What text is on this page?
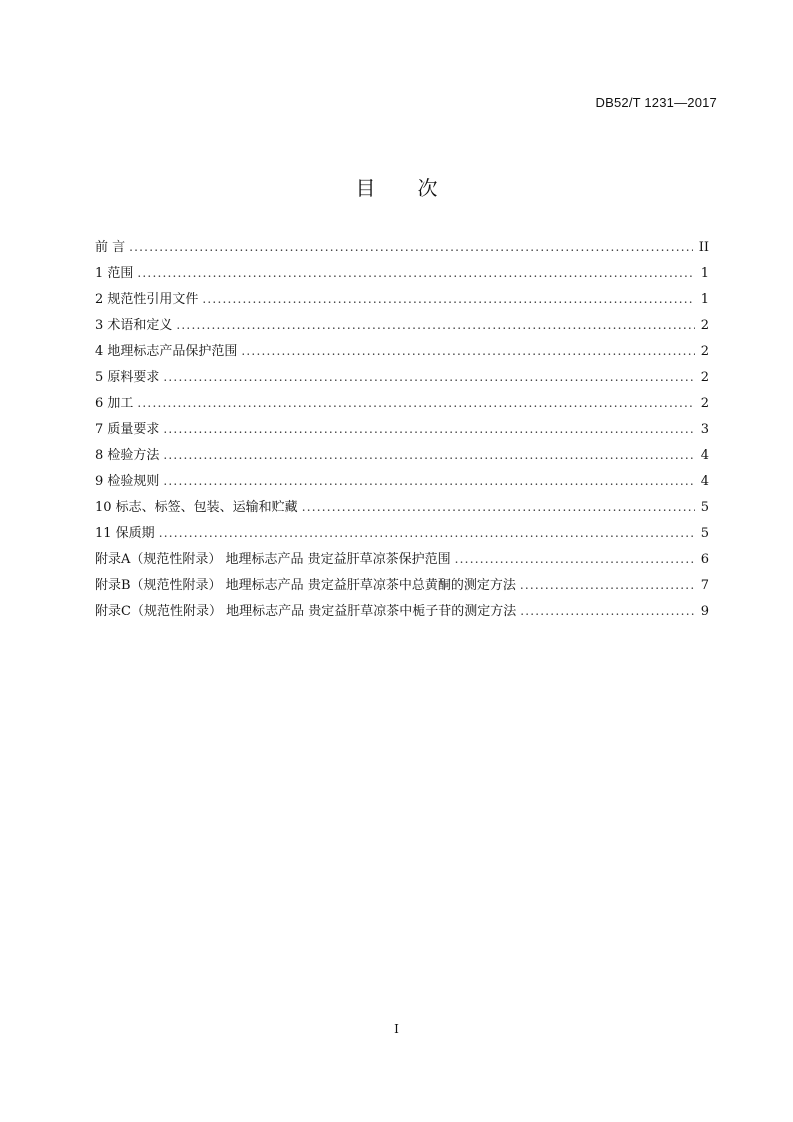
DB52/T 1231—2017
目 次
前 言 .....	II
1 范围 .....	1
2 规范性引用文件 .....	1
3 术语和定义 .....	2
4 地理标志产品保护范围 .....	2
5 原料要求 .....	2
6 加工 .....	2
7 质量要求 .....	3
8 检验方法 .....	4
9 检验规则 .....	4
10 标志、标签、包装、运输和贮藏 .....	5
11 保质期 .....	5
附录A（规范性附录） 地理标志产品 贵定益肝草凉茶保护范围 .....	6
附录B（规范性附录） 地理标志产品 贵定益肝草凉茶中总黄酮的测定方法 .....	7
附录C（规范性附录） 地理标志产品 贵定益肝草凉茶中栀子苷的测定方法 .....	9
I
